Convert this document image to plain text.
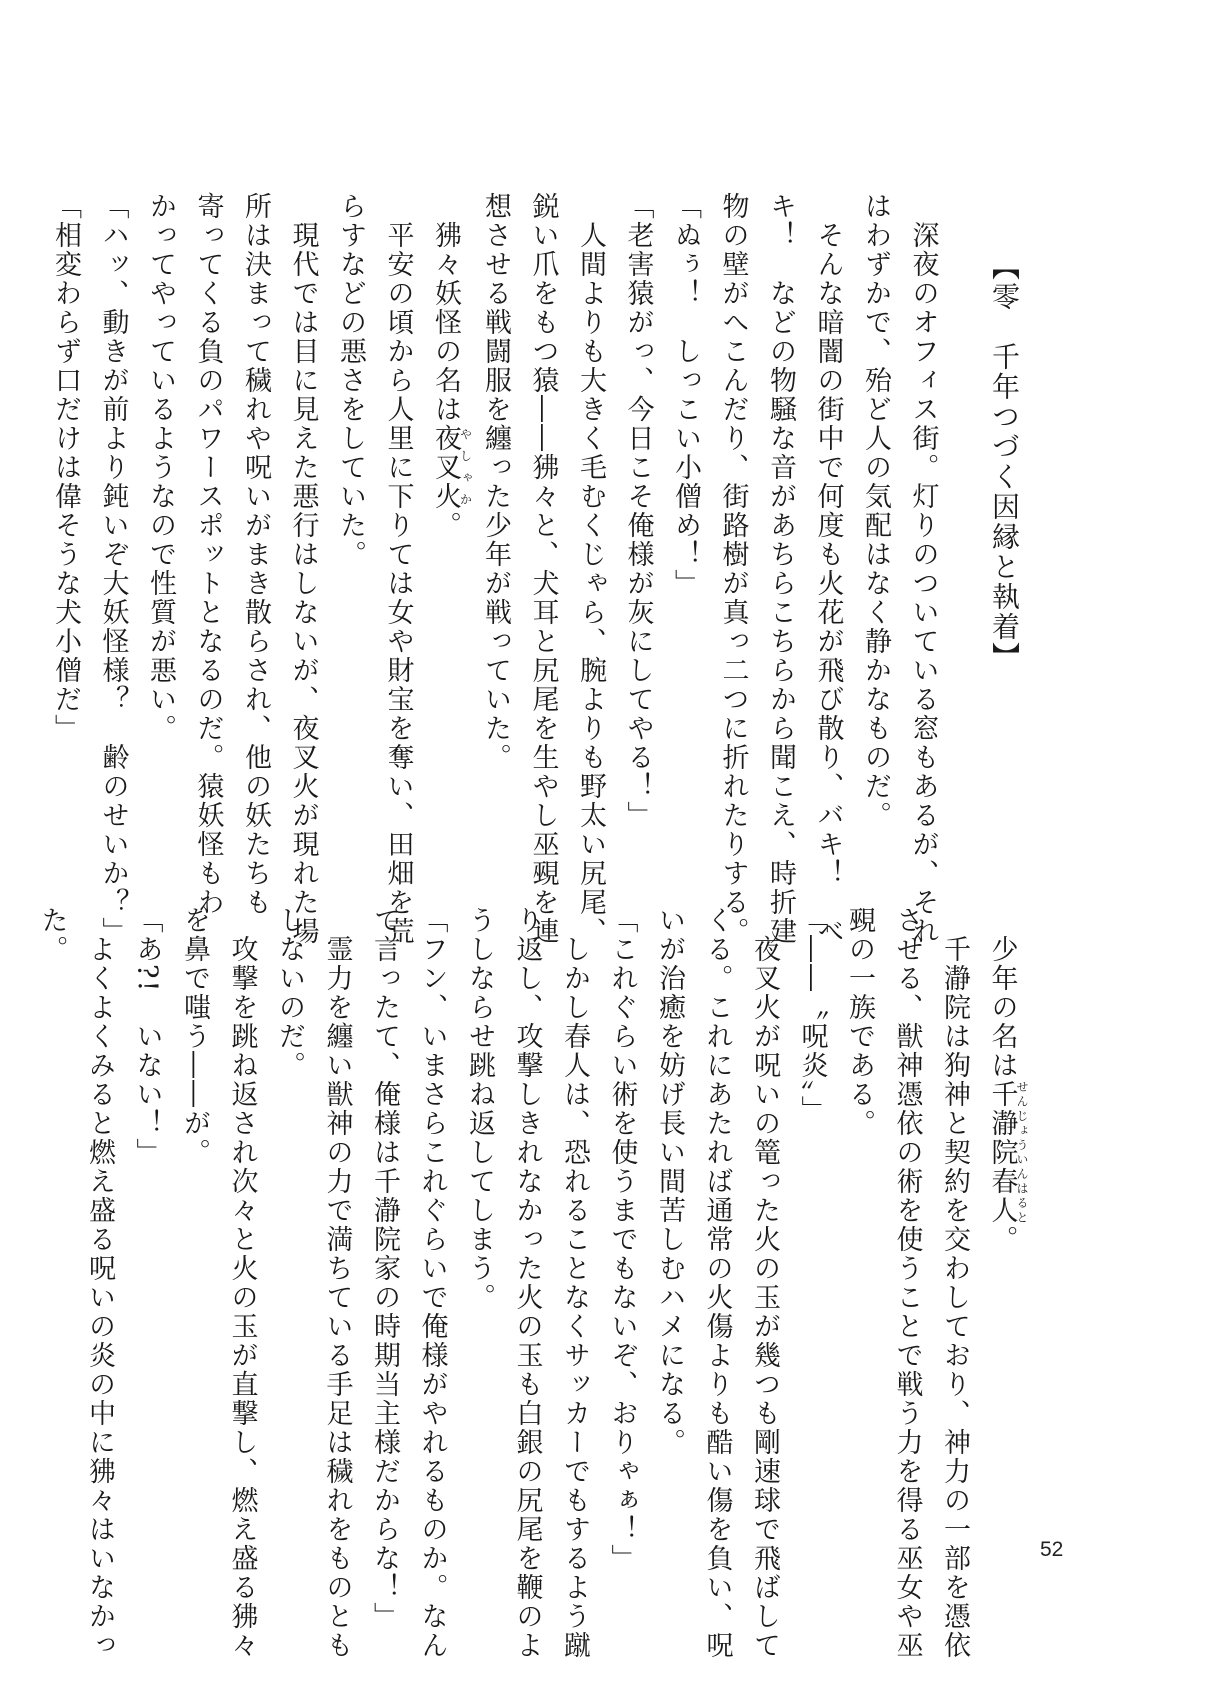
【零　千年つづく因縁と執着】
深夜のオフィス街。灯りのついている窓もあるが、それ
はわずかで、殆ど人の気配はなく静かなものだ。
そんな暗闇の街中で何度も火花が飛び散り、バキ！　べ
キ！　などの物騒な音があちらこちらから聞こえ、時折建
物の壁がへこんだり、街路樹が真っ二つに折れたりする。
「ぬぅ！　しっこい小僧め！」
「老害猿がっ、今日こそ俺様が灰にしてやる！」
人間よりも大きく毛むくじゃら、腕よりも野太い尻尾、
鋭い爪をもつ猿――狒々と、犬耳と尻尾を生やし巫覡を連
想させる戦闘服を纏った少年が戦っていた。
狒々妖怪の名は夜叉火やしゃか。
平安の頃から人里に下りては女や財宝を奪い、田畑を荒
らすなどの悪さをしていた。
現代では目に見えた悪行はしないが、夜叉火が現れた場
所は決まって穢れや呪いがまき散らされ、他の妖たちも
寄ってくる負のパワースポットとなるのだ。猿妖怪もわ
かってやっているようなので性質が悪い。
「ハッ、動きが前より鈍いぞ大妖怪様？　齢のせいか？」
「相変わらず口だけは偉そうな犬小僧だ」
少年の名は千瀞院春人せんじょういんはると。
千瀞院は狗神と契約を交わしており、神力の一部を憑依
させる、獣神憑依の術を使うことで戦う力を得る巫女や巫
覡の一族である。
「――〝呪炎〟」
夜叉火が呪いの篭った火の玉が幾つも剛速球で飛ばして
くる。これにあたれば通常の火傷よりも酷い傷を負い、呪
いが治癒を妨げ長い間苦しむハメになる。
「これぐらい術を使うまでもないぞ、おりゃぁ！」
しかし春人は、恐れることなくサッカーでもするよう蹴
り返し、攻撃しきれなかった火の玉も白銀の尻尾を鞭のよ
うしならせ跳ね返してしまう。
「フン、いまさらこれぐらいで俺様がやれるものか。なん
て言ったて、俺様は千瀞院家の時期当主様だからな！」
霊力を纏い獣神の力で満ちている手足は穢れをものとも
しないのだ。
攻撃を跳ね返され次々と火の玉が直撃し、燃え盛る狒々
を鼻で嗤う――が。
「あ?!　いない！」
よくよくみると燃え盛る呪いの炎の中に狒々はいなかっ
た。
52
